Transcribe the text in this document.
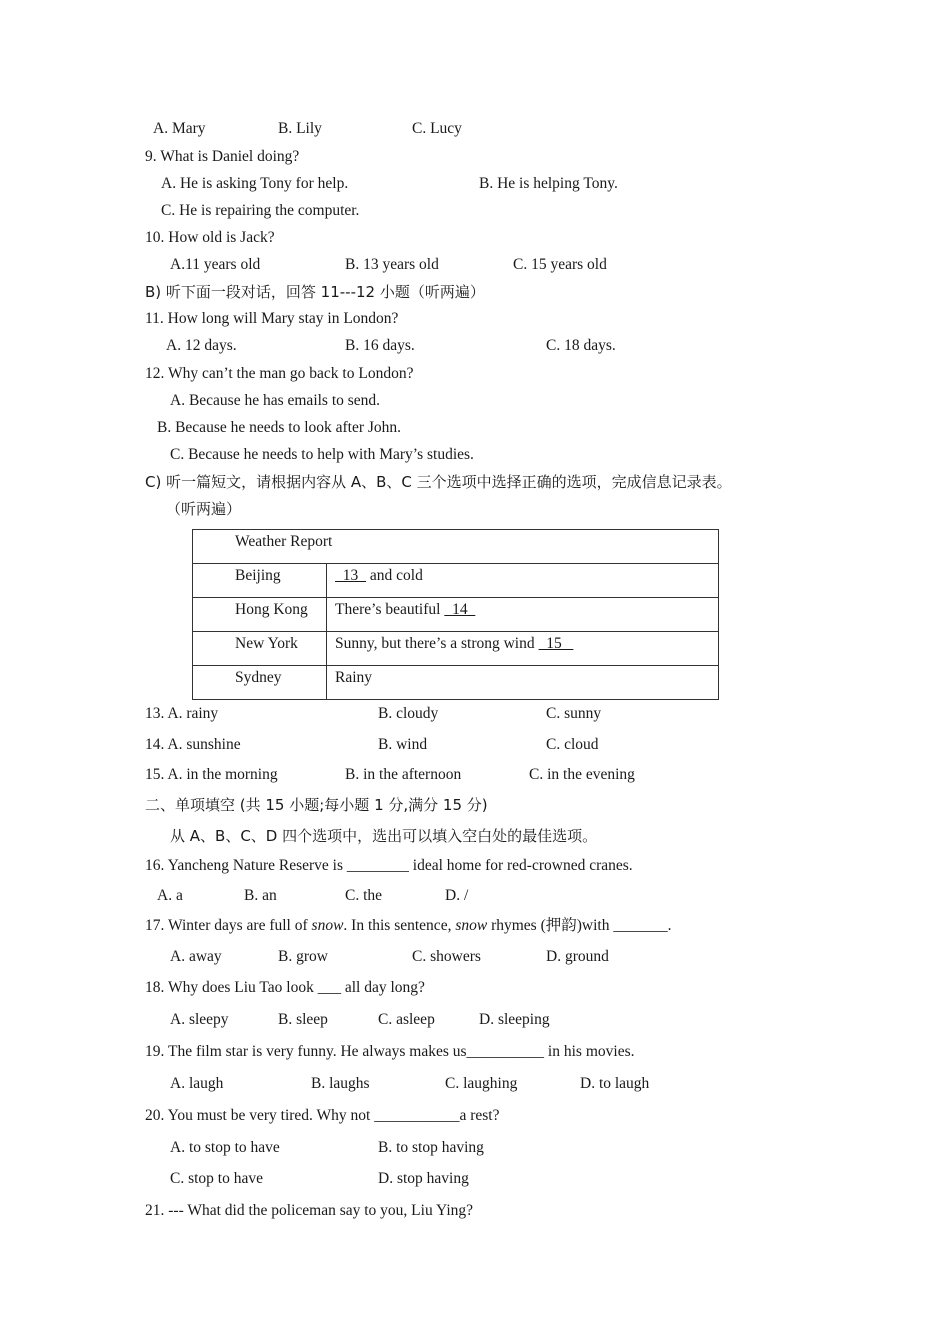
A. Mary	B. Lily	C. Lucy
9. What is Daniel doing?
A. He is asking Tony for help.	B. He is helping Tony.
C. He is repairing the computer.
10. How old is Jack?
A.11 years old	B. 13 years old	C. 15 years old
B) 听下面一段对话，回答 11---12 小题（听两遍）
11. How long will Mary stay in London?
A. 12 days.	B. 16 days.	C. 18 days.
12. Why can’t the man go back to London?
A. Because he has emails to send.
B. Because he needs to look after John.
C. Because he needs to help with Mary’s studies.
C) 听一篇短文，请根据内容从 A、B、C 三个选项中选择正确的选项，完成信息记录表。
（听两遍）
Weather Report	
Beijing	13   and cold
Hong Kong	There’s beautiful   14
New York	Sunny, but there’s a strong wind   15
Sydney	Rainy
13. A. rainy	B. cloudy	C. sunny
14. A. sunshine	B. wind	C. cloud
15. A. in the morning	B. in the afternoon	C. in the evening
二、单项填空 (共 15 小题;每小题 1 分,满分 15 分)
从 A、B、C、D 四个选项中，选出可以填入空白处的最佳选项。
16. Yancheng Nature Reserve is ________ ideal home for red-crowned cranes.
A. a	B. an	C. the	D. /
17. Winter days are full of snow. In this sentence, snow rhymes (押韵)with _______.
A. away	B. grow	C. showers	D. ground
18. Why does Liu Tao look ___ all day long?
A. sleepy	B. sleep	C. asleep	D. sleeping
19. The film star is very funny. He always makes us__________ in his movies.
A. laugh	B. laughs	C. laughing	D. to laugh
20. You must be very tired. Why not ___________a rest?
A. to stop to have	B. to stop having
C. stop to have	D. stop having
21. --- What did the policeman say to you, Liu Ying?
